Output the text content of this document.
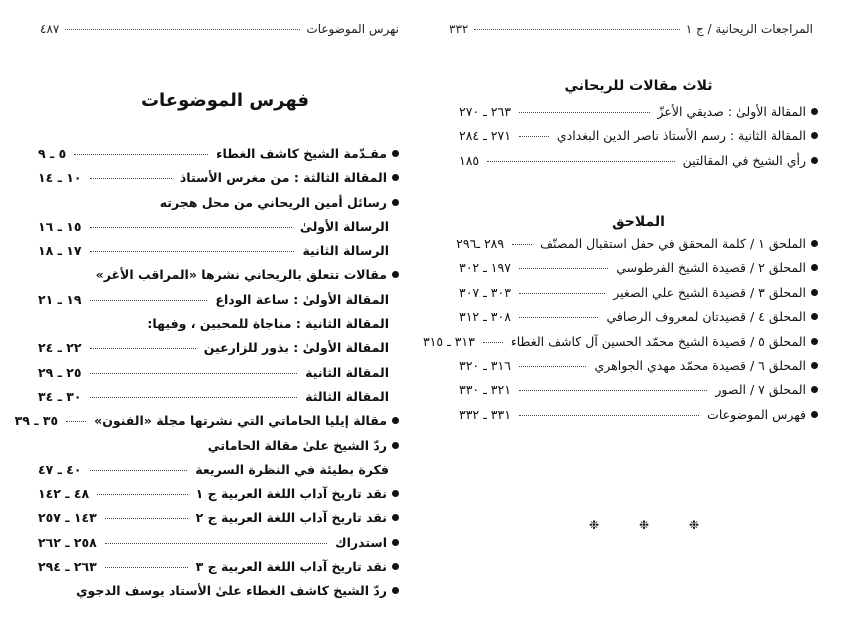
نهرس الموضوعات
٤٨٧
فهرس الموضوعات
مقـدّمة الشيخ كاشف الغطاء
٥ ـ ٩
المقالة الثالثة : من مغرس الأستاذ
١٠ ـ ١٤
رسائل أمين الريحاني من محل هجرته
الرسالة الأولىٰ
١٥ ـ ١٦
الرسالة الثانية
١٧ ـ ١٨
مقالات تتعلق بالريحاني نشرها «المراقب الأغر»
المقالة الأولىٰ : ساعة الوداع
١٩ ـ ٢١
المقالة الثانية : مناجاة للمحبين ، وفيها:
المقالة الأولىٰ : بذور للزارعين
٢٢ ـ ٢٤
المقالة الثانية
٢٥ ـ ٢٩
المقالة الثالثة
٣٠ ـ ٣٤
مقالة إيليا الحاماتي التي نشرتها مجلة «الفنون»
٣٥ ـ ٣٩
ردّ الشيخ علىٰ مقالة الحاماتي
فكرة بطيئة في النظرة السريعة
٤٠ ـ ٤٧
نقد تاريخ آداب اللغة العربية ج ١
٤٨ ـ ١٤٢
نقد تاريخ آداب اللغة العربية ج ٢
١٤٣ ـ ٢٥٧
استدراك
٢٥٨ ـ ٢٦٢
نقد تاريخ آداب اللغة العربية ج ٣
٢٦٣ ـ ٢٩٤
ردّ الشيخ كاشف الغطاء علىٰ الأستاد يوسف الدجوي
المراجعات الريحانية / ج ١
٣٣٢
ثلاث مقالات للريحاني
المقالة الأولىٰ : صديقي الأعزّ
٢٦٣ ـ ٢٧٠
المقالة الثانية : رسم الأستاذ ناصر الدين البغدادي
٢٧١ ـ ٢٨٤
رأي الشيخ في المقالتين
١٨٥
الملاحق
الملحق ١ / كلمة المحقق في حفل استقبال المصنّف
٢٨٩ ـ٢٩٦
المحلق ٢ / قصيدة الشيخ الفرطوسي
١٩٧ ـ ٣٠٢
المحلق ٣ / قصيدة الشيخ علي الصغير
٣٠٣ ـ ٣٠٧
المحلق ٤ / قصيدتان لمعروف الرصافي
٣٠٨ ـ ٣١٢
المحلق ٥ / قصيدة الشيخ محمّد الحسين آل كاشف الغطاء
٣١٣ ـ ٣١٥
المحلق ٦ / قصيدة محمّد مهدي الجواهري
٣١٦ ـ ٣٢٠
المحلق ٧ / الصور
٣٢١ ـ ٣٣٠
فهرس الموضوعات
٣٣١ ـ ٣٣٢
❉	❉	❉
